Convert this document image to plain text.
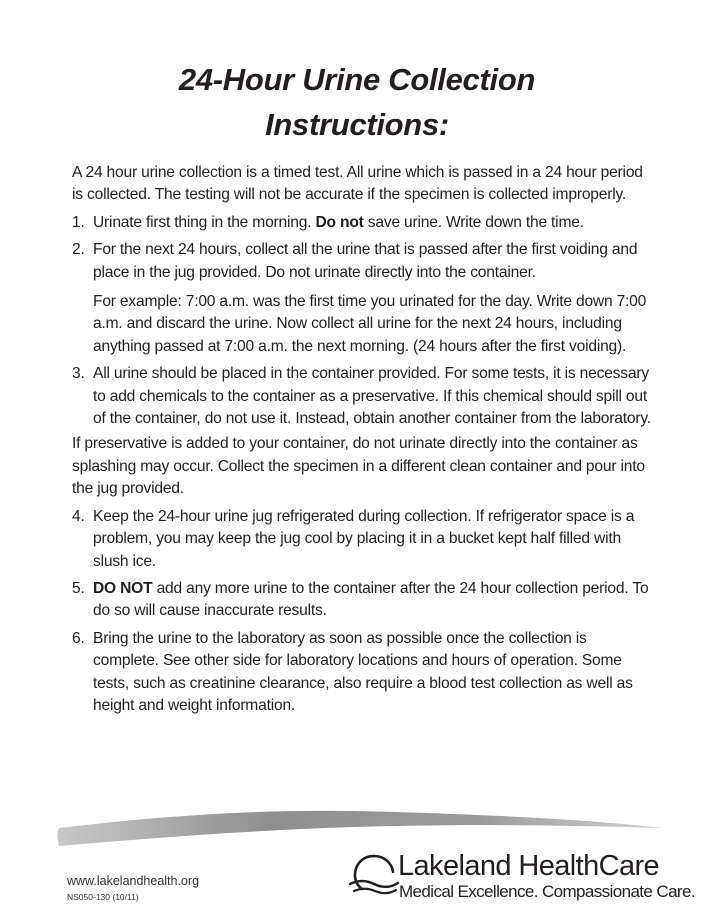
24-Hour Urine Collection
Instructions:

A 24 hour urine collection is a timed test. All urine which is passed in a 24 hour period is collected. The testing will not be accurate if the specimen is collected improperly.

1. Urinate first thing in the morning. Do not save urine. Write down the time.
2. For the next 24 hours, collect all the urine that is passed after the first voiding and place in the jug provided. Do not urinate directly into the container.

For example: 7:00 a.m. was the first time you urinated for the day. Write down 7:00 a.m. and discard the urine. Now collect all urine for the next 24 hours, including anything passed at 7:00 a.m. the next morning. (24 hours after the first voiding).

3. All urine should be placed in the container provided. For some tests, it is necessary to add chemicals to the container as a preservative. If this chemical should spill out of the container, do not use it. Instead, obtain another container from the laboratory.

If preservative is added to your container, do not urinate directly into the container as splashing may occur. Collect the specimen in a different clean container and pour into the jug provided.

4. Keep the 24-hour urine jug refrigerated during collection. If refrigerator space is a problem, you may keep the jug cool by placing it in a bucket kept half filled with slush ice.
5. DO NOT add any more urine to the container after the 24 hour collection period. To do so will cause inaccurate results.
6. Bring the urine to the laboratory as soon as possible once the collection is complete. See other side for laboratory locations and hours of operation. Some tests, such as creatinine clearance, also require a blood test collection as well as height and weight information.
www.lakelandhealth.org
NS050-130 (10/11)
Lakeland HealthCare
Medical Excellence. Compassionate Care.
